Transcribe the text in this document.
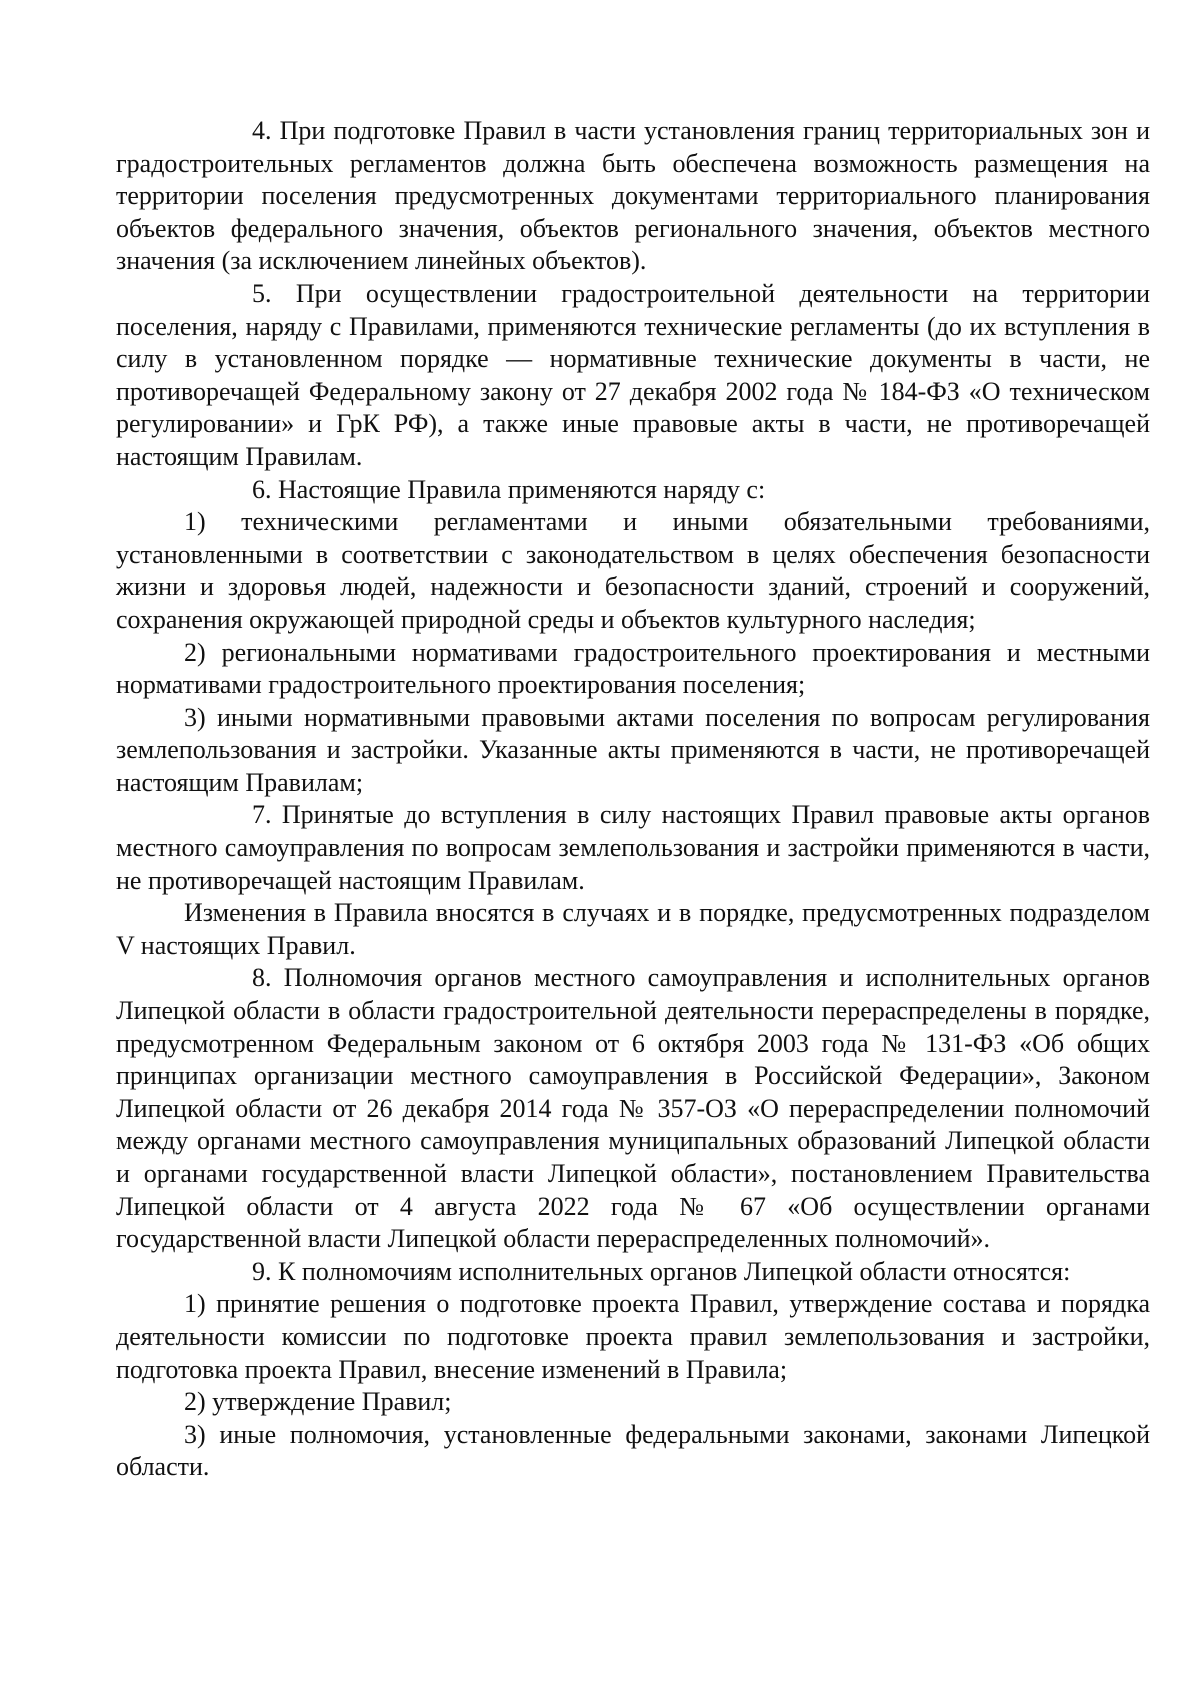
4. При подготовке Правил в части установления границ территориальных зон и градостроительных регламентов должна быть обеспечена возможность размещения на территории поселения предусмотренных документами территориального планирования объектов федерального значения, объектов регионального значения, объектов местного значения (за исключением линейных объектов).

5. При осуществлении градостроительной деятельности на территории поселения, наряду с Правилами, применяются технические регламенты (до их вступления в силу в установленном порядке — нормативные технические документы в части, не противоречащей Федеральному закону от 27 декабря 2002 года № 184-ФЗ «О техническом регулировании» и ГрК РФ), а также иные правовые акты в части, не противоречащей настоящим Правилам.

6. Настоящие Правила применяются наряду с:

1) техническими регламентами и иными обязательными требованиями, установленными в соответствии с законодательством в целях обеспечения безопасности жизни и здоровья людей, надежности и безопасности зданий, строений и сооружений, сохранения окружающей природной среды и объектов культурного наследия;

2) региональными нормативами градостроительного проектирования и местными нормативами градостроительного проектирования поселения;

3) иными нормативными правовыми актами поселения по вопросам регулирования землепользования и застройки. Указанные акты применяются в части, не противоречащей настоящим Правилам;

7. Принятые до вступления в силу настоящих Правил правовые акты органов местного самоуправления по вопросам землепользования и застройки применяются в части, не противоречащей настоящим Правилам.

Изменения в Правила вносятся в случаях и в порядке, предусмотренных подразделом V настоящих Правил.

8. Полномочия органов местного самоуправления и исполнительных органов Липецкой области в области градостроительной деятельности перераспределены в порядке, предусмотренном Федеральным законом от 6 октября 2003 года № 131-ФЗ «Об общих принципах организации местного самоуправления в Российской Федерации», Законом Липецкой области от 26 декабря 2014 года № 357-ОЗ «О перераспределении полномочий между органами местного самоуправления муниципальных образований Липецкой области и органами государственной власти Липецкой области», постановлением Правительства Липецкой области от 4 августа 2022 года № 67 «Об осуществлении органами государственной власти Липецкой области перераспределенных полномочий».

9. К полномочиям исполнительных органов Липецкой области относятся:

1) принятие решения о подготовке проекта Правил, утверждение состава и порядка деятельности комиссии по подготовке проекта правил землепользования и застройки, подготовка проекта Правил, внесение изменений в Правила;

2) утверждение Правил;

3) иные полномочия, установленные федеральными законами, законами Липецкой области.
